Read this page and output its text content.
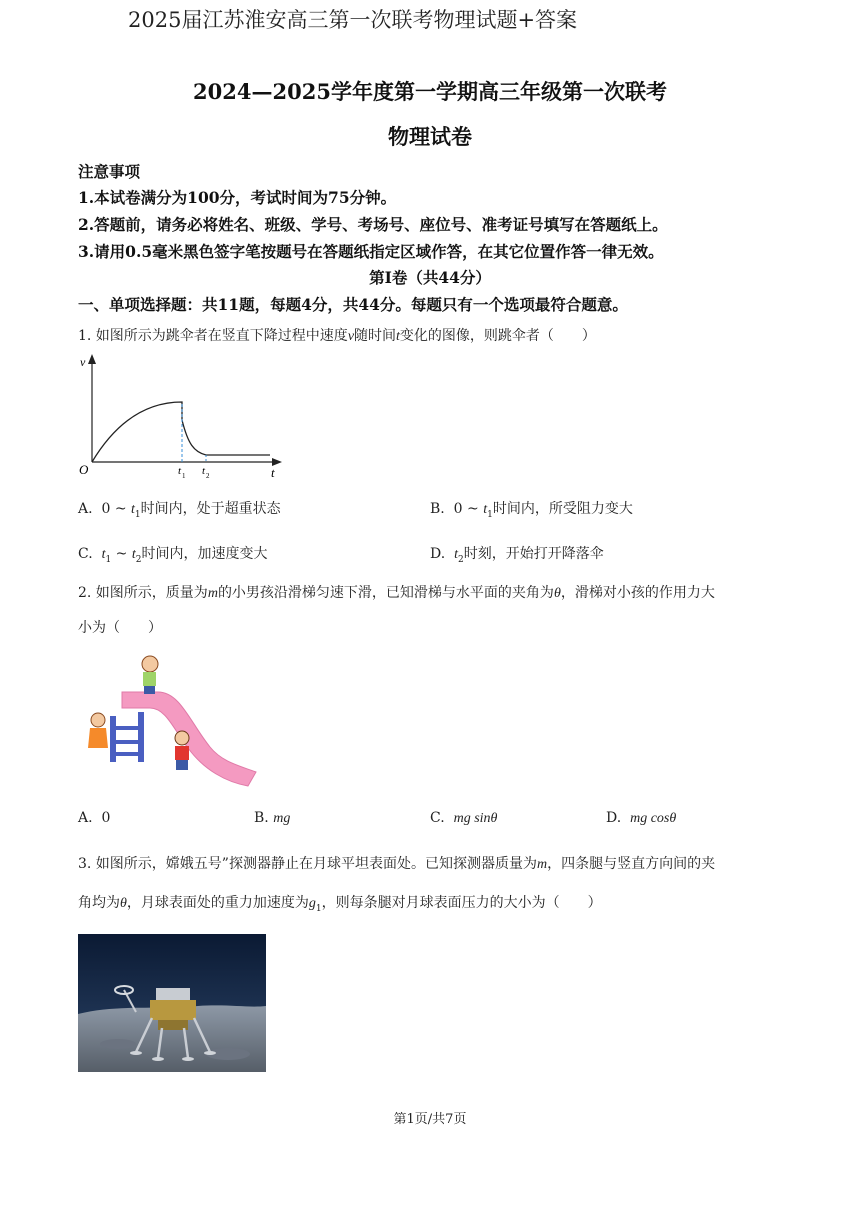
2025届江苏淮安高三第一次联考物理试题+答案
2024—2025学年度第一学期高三年级第一次联考
物理试卷
注意事项
1.本试卷满分为100分，考试时间为75分钟。
2.答题前，请务必将姓名、班级、学号、考场号、座位号、准考证号填写在答题纸上。
3.请用0.5毫米黑色签字笔按题号在答题纸指定区域作答，在其它位置作答一律无效。
第I卷（共44分）
一、单项选择题：共11题，每题4分，共44分。每题只有一个选项最符合题意。
1. 如图所示为跳伞者在竖直下降过程中速度v随时间t变化的图像，则跳伞者（　　）
v
O	t
t 1 t 2
A. 0 ~ $t_1$时间内，处于超重状态	B. 0 ~ $t_1$时间内，所受阻力变大
C. $t_1$ ~ $t_2$时间内，加速度变大	D. $t_2$时刻，开始打开降落伞
2. 如图所示，质量为m的小男孩沿滑梯匀速下滑，已知滑梯与水平面的夹角为θ，滑梯对小孩的作用力大
小为（　　）
A. 0	B. mg	C. mg sinθ	D. mg cosθ
3. 如图所示，嫦娥五号”探测器静止在月球平坦表面处。已知探测器质量为m，四条腿与竖直方向间的夹
角均为θ，月球表面处的重力加速度为$g_1$，则每条腿对月球表面压力的大小为（　　）
第1页/共7页
